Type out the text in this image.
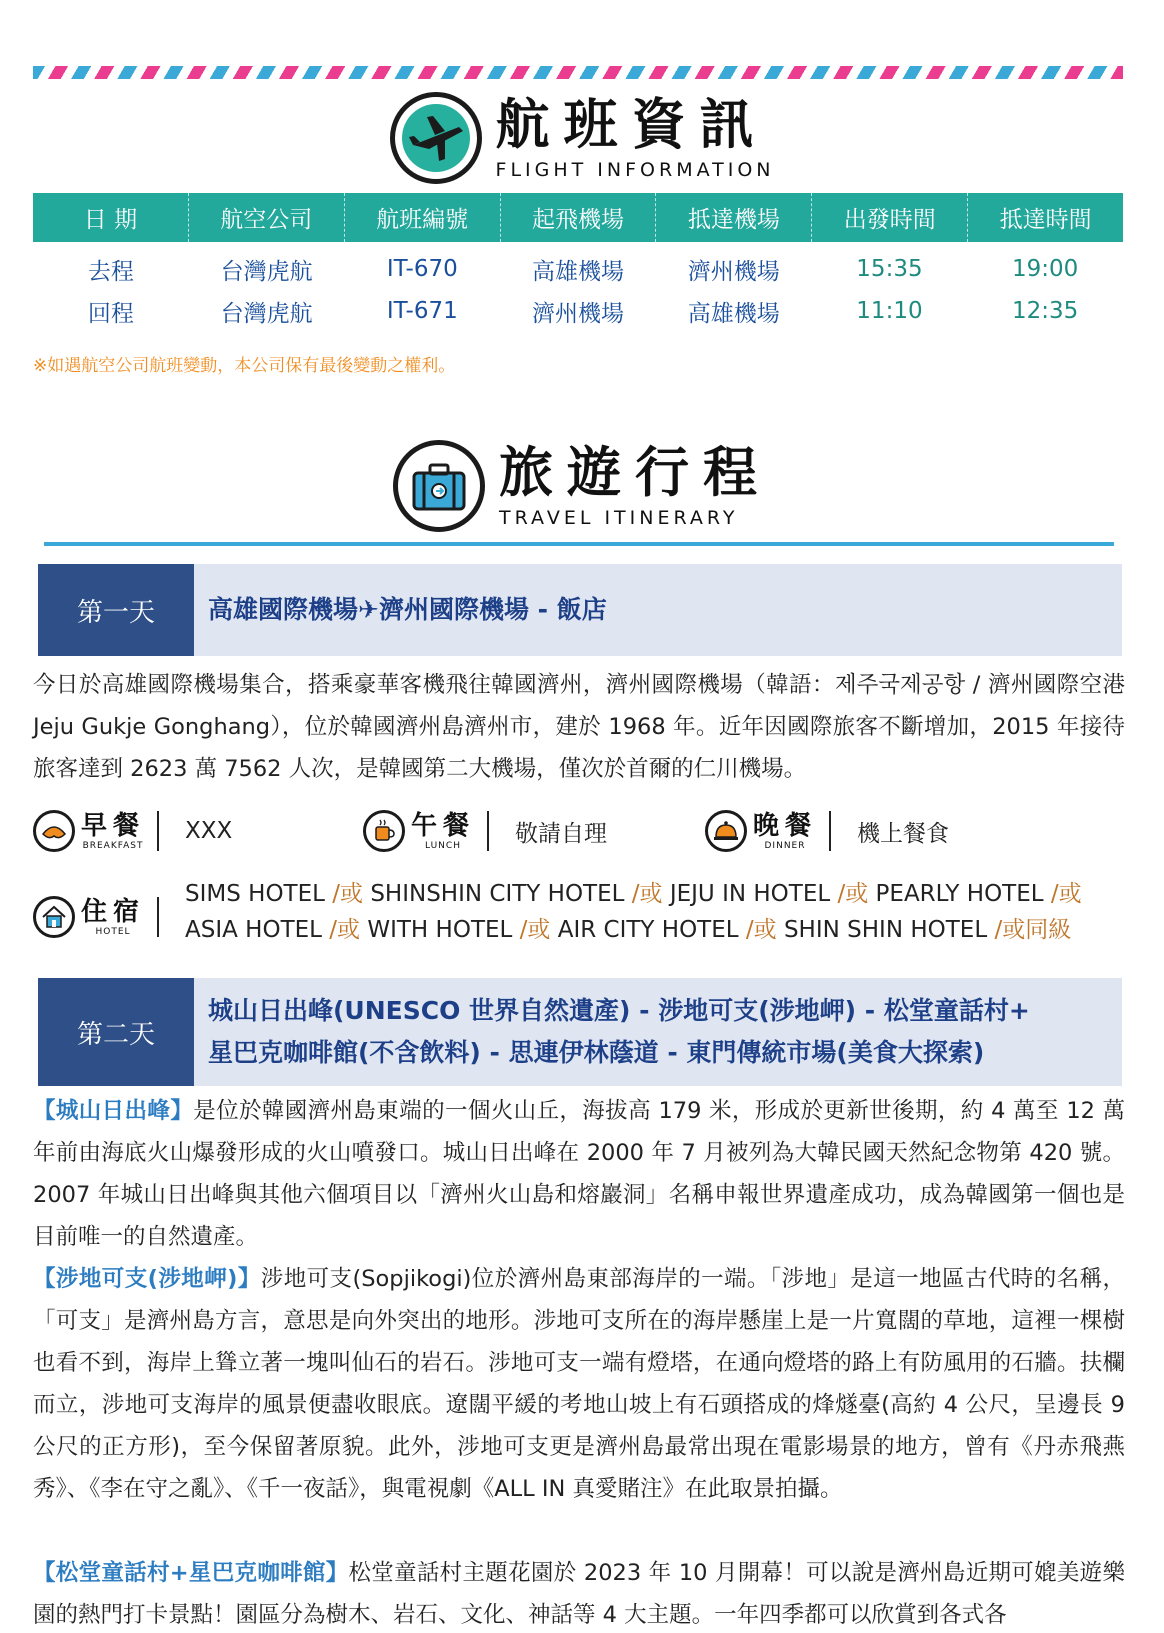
航班資訊
FLIGHT INFORMATION
日 期	航空公司	航班編號	起飛機場	抵達機場	出發時間	抵達時間
去程	台灣虎航	IT-670	高雄機場	濟州機場	15:35	19:00
回程	台灣虎航	IT-671	濟州機場	高雄機場	11:10	12:35
※如遇航空公司航班變動，本公司保有最後變動之權利。
旅遊行程
TRAVEL ITINERARY
第一天	高雄國際機場✈濟州國際機場 - 飯店
今日於高雄國際機場集合，搭乘豪華客機飛往韓國濟州，濟州國際機場（韓語：제주국제공항 / 濟州國際空港 Jeju Gukje Gonghang），位於韓國濟州島濟州市，建於 1968 年。近年因國際旅客不斷增加，2015 年接待旅客達到 2623 萬 7562 人次，是韓國第二大機場，僅次於首爾的仁川機場。
早餐
BREAKFAST
XXX	午餐
LUNCH 敬請自理	晚餐
DINNER 機上餐食
住宿
HOTEL
SIMS HOTEL /或 SHINSHIN CITY HOTEL /或 JEJU IN HOTEL /或 PEARLY HOTEL /或
ASIA HOTEL /或 WITH HOTEL /或 AIR CITY HOTEL /或 SHIN SHIN HOTEL /或同級
第二天
城山日出峰(UNESCO 世界自然遺產) - 涉地可支(涉地岬) - 松堂童話村+
星巴克咖啡館(不含飲料) - 思連伊林蔭道 - 東門傳統市場(美食大探索)
【城山日出峰】是位於韓國濟州島東端的一個火山丘，海拔高 179 米，形成於更新世後期，約 4 萬至 12 萬年前由海底火山爆發形成的火山噴發口。城山日出峰在 2000 年 7 月被列為大韓民國天然紀念物第 420 號。2007 年城山日出峰與其他六個項目以「濟州火山島和熔巖洞」名稱申報世界遺產成功，成為韓國第一個也是目前唯一的自然遺產。
【涉地可支(涉地岬)】涉地可支(Sopjikogi)位於濟州島東部海岸的一端。「涉地」是這一地區古代時的名稱，「可支」是濟州島方言，意思是向外突出的地形。涉地可支所在的海岸懸崖上是一片寬闊的草地，這裡一棵樹也看不到，海岸上聳立著一塊叫仙石的岩石。涉地可支一端有燈塔，在通向燈塔的路上有防風用的石牆。扶欄而立，涉地可支海岸的風景便盡收眼底。遼闊平緩的考地山坡上有石頭搭成的烽燧臺(高約 4 公尺，呈邊長 9 公尺的正方形)，至今保留著原貌。此外，涉地可支更是濟州島最常出現在電影場景的地方，曾有《丹赤飛燕秀》、《李在守之亂》、《千一夜話》，與電視劇《ALL IN 真愛賭注》在此取景拍攝。
【松堂童話村+星巴克咖啡館】松堂童話村主題花園於 2023 年 10 月開幕！可以說是濟州島近期可媲美遊樂園的熱門打卡景點！園區分為樹木、岩石、文化、神話等 4 大主題。一年四季都可以欣賞到各式各
